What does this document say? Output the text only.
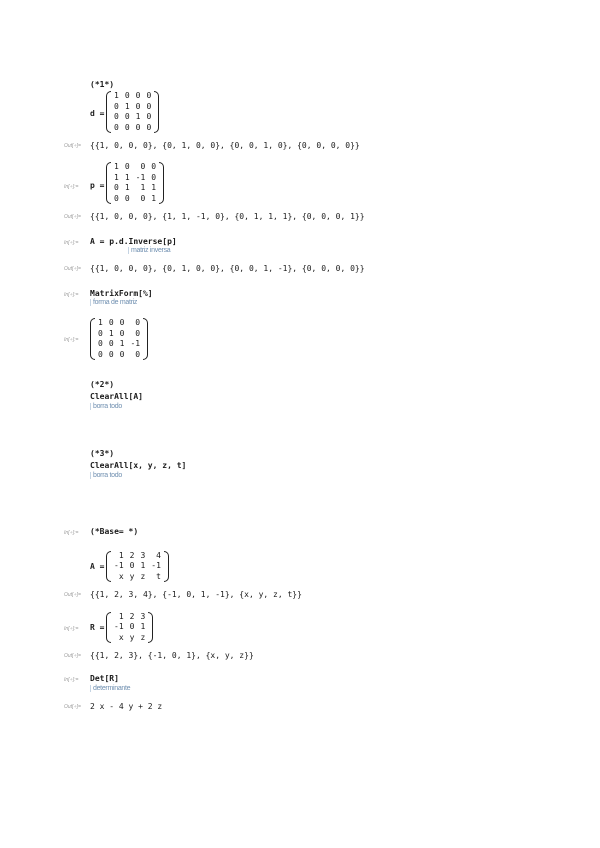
(*1*)
d =
1	0	0	0
0	1	0	0
0	0	1	0
0	0	0	0
Out[∘]= {{1, 0, 0, 0}, {0, 1, 0, 0}, {0, 0, 1, 0}, {0, 0, 0, 0}}
In[∘]:= p =
1	0	0	0
1	1	-1	0
0	1	1	1
0	0	0	1
Out[∘]= {{1, 0, 0, 0}, {1, 1, -1, 0}, {0, 1, 1, 1}, {0, 0, 0, 1}}
In[∘]:= A = p.d.Inverse[p]
matriz inversa
Out[∘]= {{1, 0, 0, 0}, {0, 1, 0, 0}, {0, 0, 1, -1}, {0, 0, 0, 0}}
In[∘]:= MatrixForm[%]
forma de matriz
In[∘]:=
1	0	0	0
0	1	0	0
0	0	1	-1
0	0	0	0
(*2*)
ClearAll[A]
borra todo
(*3*)
ClearAll[x, y, z, t]
borra todo
In[∘]:= (*Base= *)
A =
1	2	3	4
-1	0	1	-1
x	y	z	t
Out[∘]= {{1, 2, 3, 4}, {-1, 0, 1, -1}, {x, y, z, t}}
In[∘]:= R =
1	2	3
-1	0	1
x	y	z
Out[∘]= {{1, 2, 3}, {-1, 0, 1}, {x, y, z}}
In[∘]:= Det[R]
determinante
Out[∘]= 2 x - 4 y + 2 z
